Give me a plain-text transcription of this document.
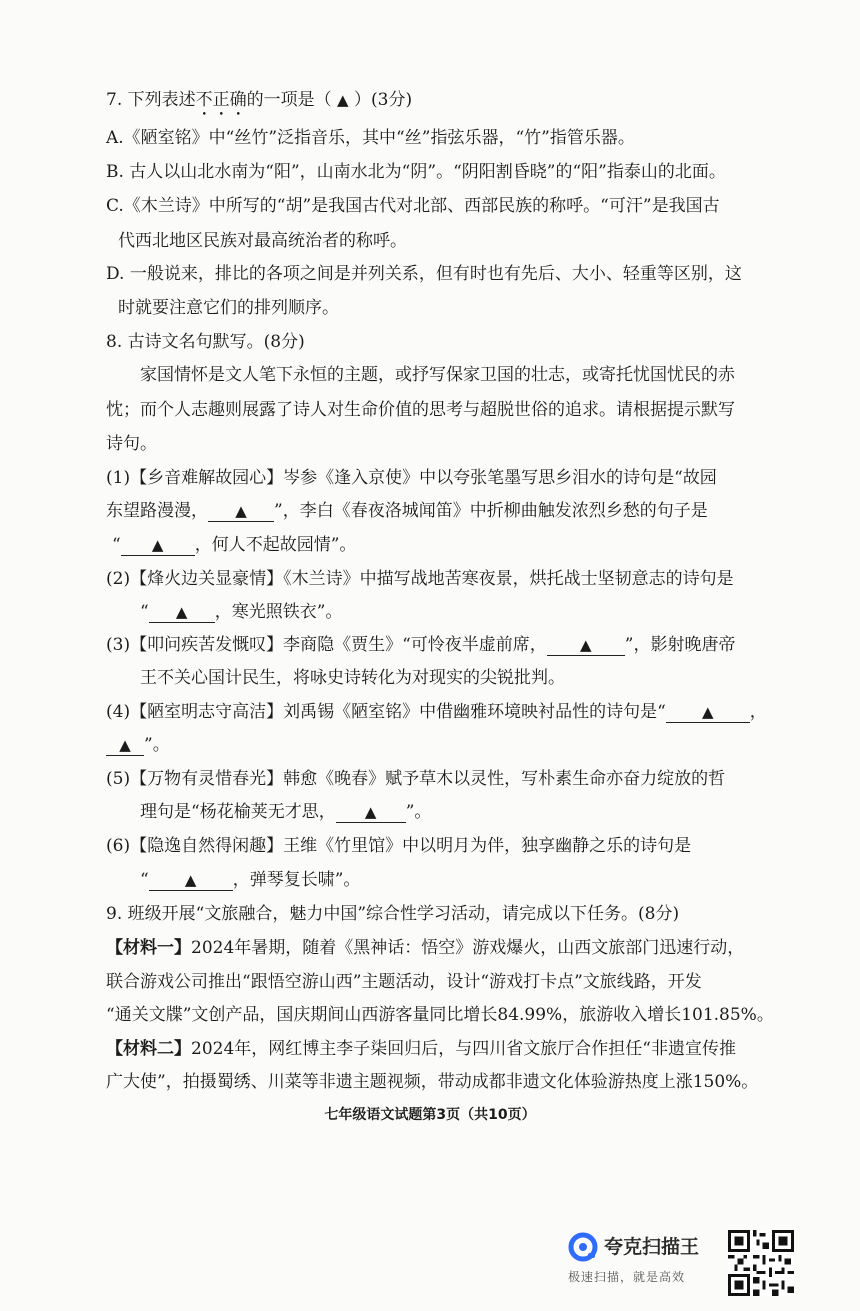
7. 下列表述不正确的一项是（ ▲ ）(3分)
A.《陋室铭》中“丝竹”泛指音乐，其中“丝”指弦乐器，“竹”指管乐器。
B. 古人以山北水南为“阳”，山南水北为“阴”。“阴阳割昏晓”的“阳”指泰山的北面。
C.《木兰诗》中所写的“胡”是我国古代对北部、西部民族的称呼。“可汗”是我国古
代西北地区民族对最高统治者的称呼。
D. 一般说来，排比的各项之间是并列关系，但有时也有先后、大小、轻重等区别，这
时就要注意它们的排列顺序。
8. 古诗文名句默写。(8分)
家国情怀是文人笔下永恒的主题，或抒写保家卫国的壮志，或寄托忧国忧民的赤
忱；而个人志趣则展露了诗人对生命价值的思考与超脱世俗的追求。请根据提示默写
诗句。
(1)【乡音难解故园心】岑参《逢入京使》中以夸张笔墨写思乡泪水的诗句是“故园
东望路漫漫， ▲ ”，李白《春夜洛城闻笛》中折柳曲触发浓烈乡愁的句子是
“ ▲ ，何人不起故园情”。
(2)【烽火边关显豪情】《木兰诗》中描写战地苦寒夜景，烘托战士坚韧意志的诗句是
“ ▲ ，寒光照铁衣”。
(3)【叩问疾苦发慨叹】李商隐《贾生》“可怜夜半虚前席， ▲ ”，影射晚唐帝
王不关心国计民生，将咏史诗转化为对现实的尖锐批判。
(4)【陋室明志守高洁】刘禹锡《陋室铭》中借幽雅环境映衬品性的诗句是“ ▲ ，
▲ ”。
(5)【万物有灵惜春光】韩愈《晚春》赋予草木以灵性，写朴素生命亦奋力绽放的哲
理句是“杨花榆荚无才思， ▲ ”。
(6)【隐逸自然得闲趣】王维《竹里馆》中以明月为伴，独享幽静之乐的诗句是
“ ▲ ，弹琴复长啸”。
9. 班级开展“文旅融合，魅力中国”综合性学习活动，请完成以下任务。(8分)
【材料一】2024年暑期，随着《黑神话：悟空》游戏爆火，山西文旅部门迅速行动，
联合游戏公司推出“跟悟空游山西”主题活动，设计“游戏打卡点”文旅线路，开发
“通关文牒”文创产品，国庆期间山西游客量同比增长84.99%，旅游收入增长101.85%。
【材料二】2024年，网红博主李子柒回归后，与四川省文旅厅合作担任“非遗宣传推
广大使”，拍摄蜀绣、川菜等非遗主题视频，带动成都非遗文化体验游热度上涨150%。
七年级语文试题第3页（共10页）
夸克扫描王
极速扫描，就是高效
